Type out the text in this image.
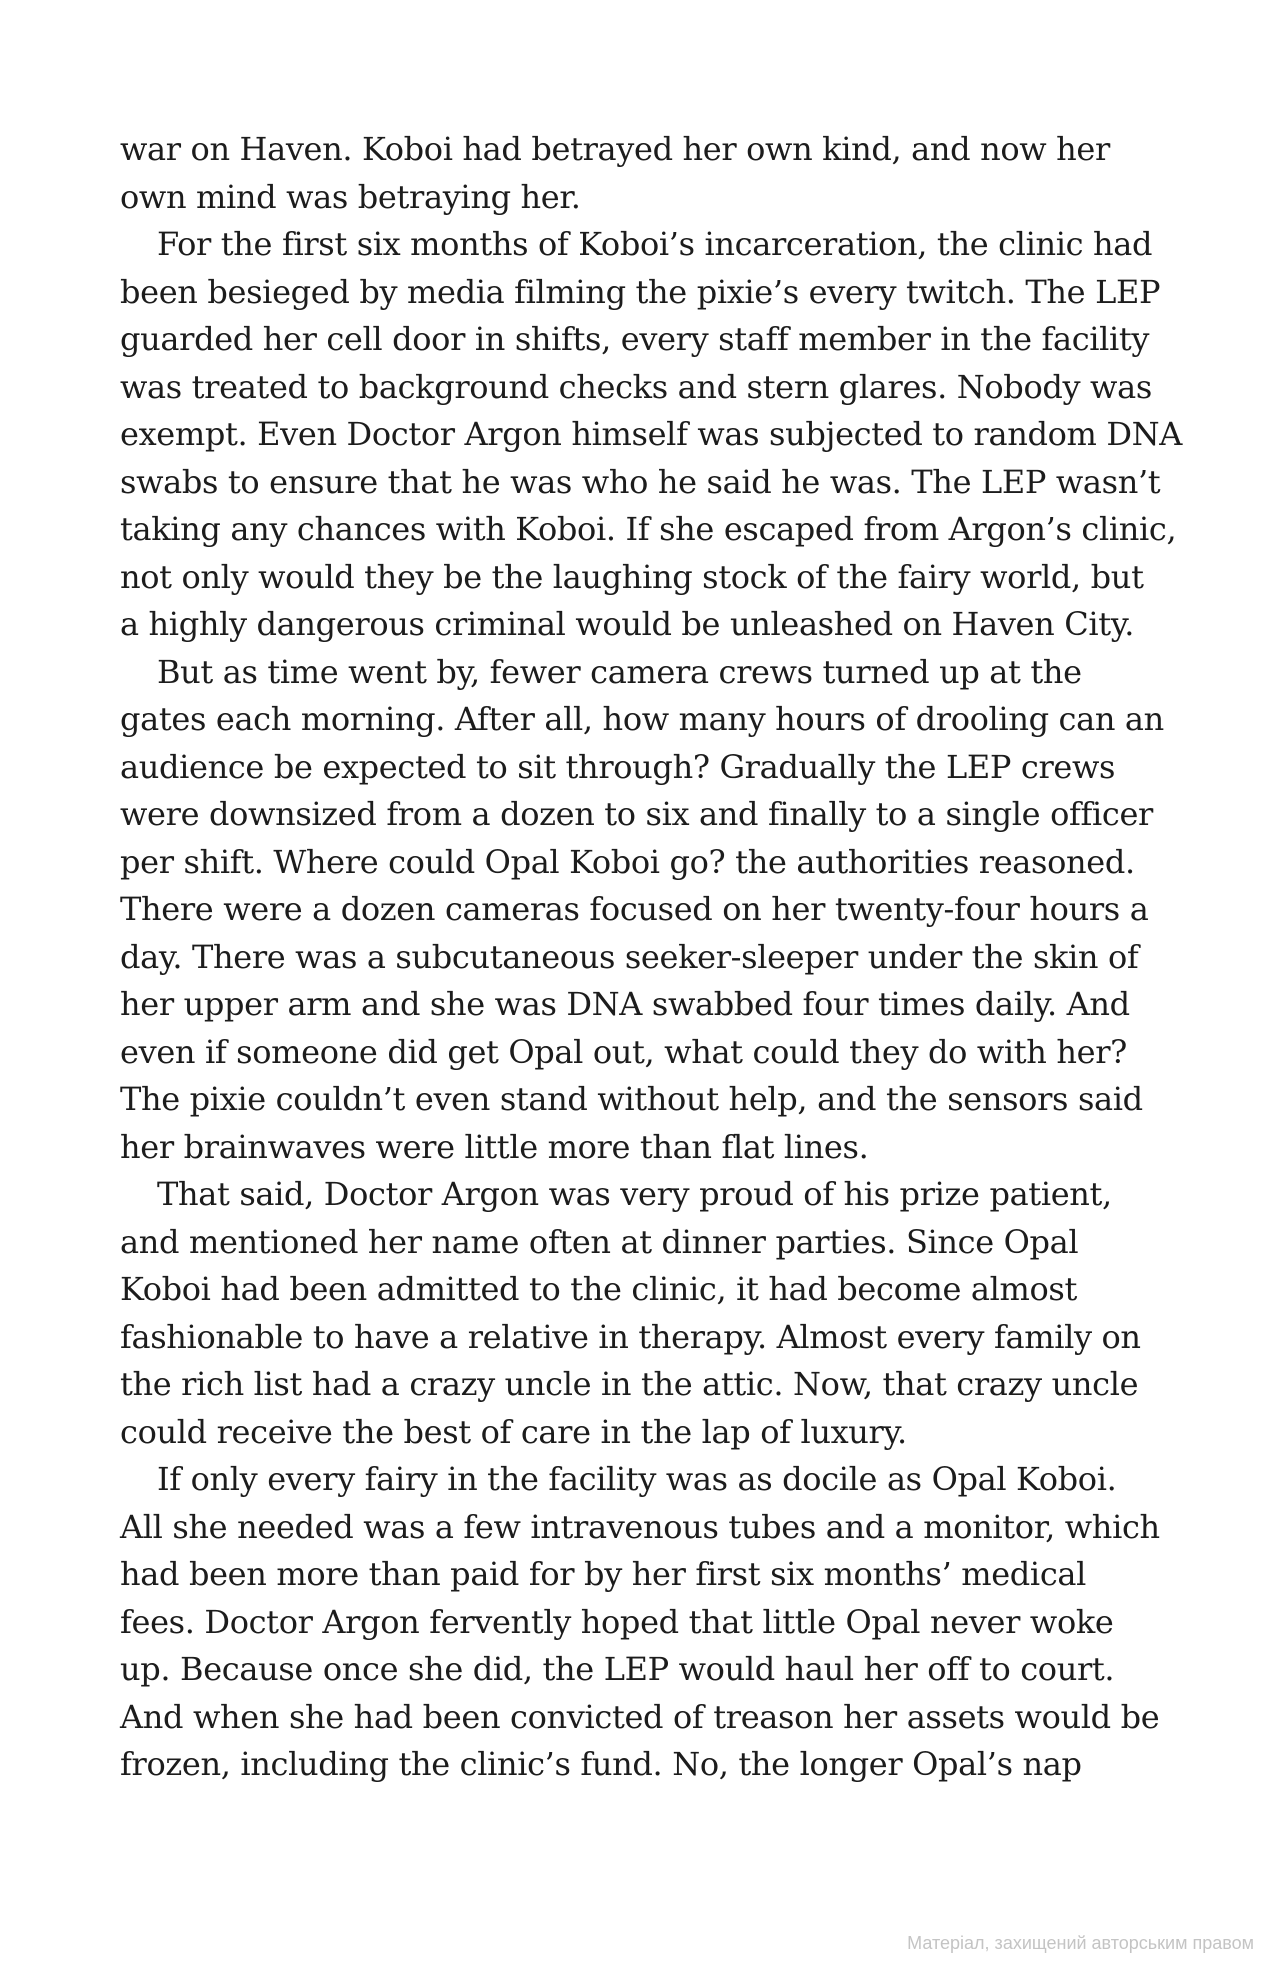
war on Haven. Koboi had betrayed her own kind, and now her
own mind was betraying her.
For the first six months of Koboi’s incarceration, the clinic had
been besieged by media filming the pixie’s every twitch. The LEP
guarded her cell door in shifts, every staff member in the facility
was treated to background checks and stern glares. Nobody was
exempt. Even Doctor Argon himself was subjected to random DNA
swabs to ensure that he was who he said he was. The LEP wasn’t
taking any chances with Koboi. If she escaped from Argon’s clinic,
not only would they be the laughing stock of the fairy world, but
a highly dangerous criminal would be unleashed on Haven City.
But as time went by, fewer camera crews turned up at the
gates each morning. After all, how many hours of drooling can an
audience be expected to sit through? Gradually the LEP crews
were downsized from a dozen to six and finally to a single officer
per shift. Where could Opal Koboi go? the authorities reasoned.
There were a dozen cameras focused on her twenty-four hours a
day. There was a subcutaneous seeker-sleeper under the skin of
her upper arm and she was DNA swabbed four times daily. And
even if someone did get Opal out, what could they do with her?
The pixie couldn’t even stand without help, and the sensors said
her brainwaves were little more than flat lines.
That said, Doctor Argon was very proud of his prize patient,
and mentioned her name often at dinner parties. Since Opal
Koboi had been admitted to the clinic, it had become almost
fashionable to have a relative in therapy. Almost every family on
the rich list had a crazy uncle in the attic. Now, that crazy uncle
could receive the best of care in the lap of luxury.
If only every fairy in the facility was as docile as Opal Koboi.
All she needed was a few intravenous tubes and a monitor, which
had been more than paid for by her first six months’ medical
fees. Doctor Argon fervently hoped that little Opal never woke
up. Because once she did, the LEP would haul her off to court.
And when she had been convicted of treason her assets would be
frozen, including the clinic’s fund. No, the longer Opal’s nap
Матеріал, захищений авторським правом
